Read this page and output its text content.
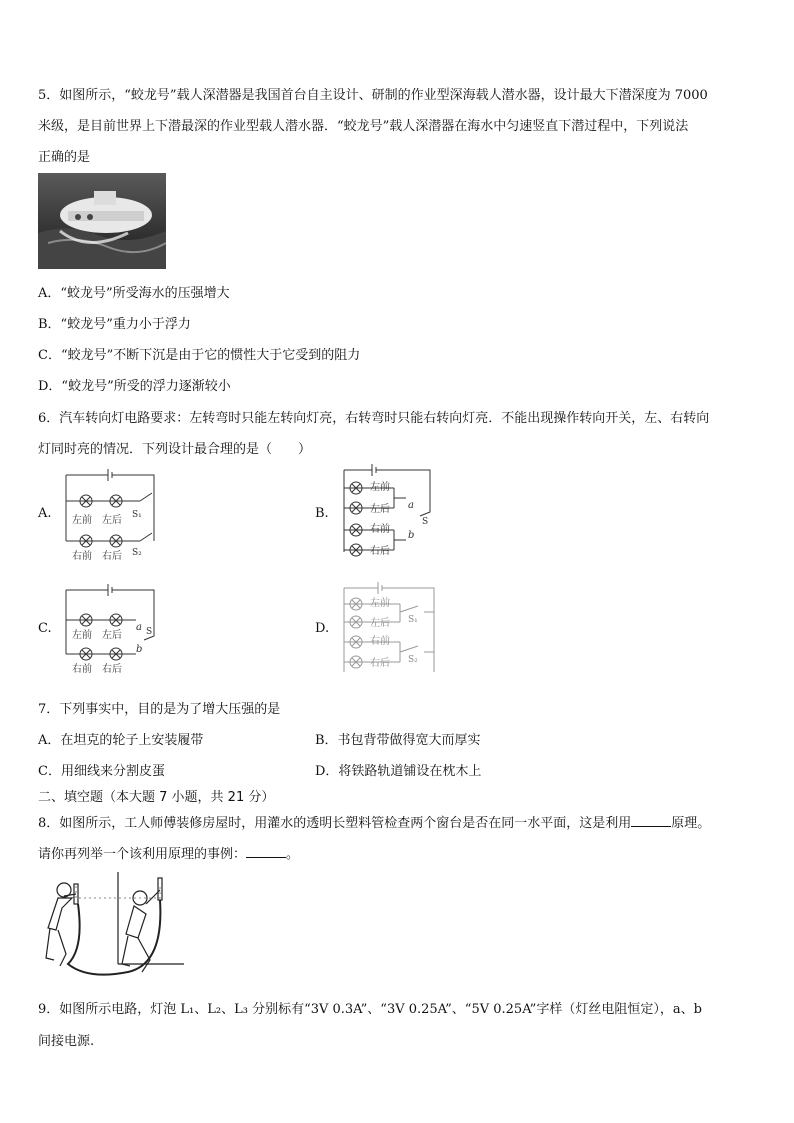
5．如图所示，“蛟龙号”载人深潜器是我国首台自主设计、研制的作业型深海载人潜水器，设计最大下潜深度为 7000
米级，是目前世界上下潜最深的作业型载人潜水器．“蛟龙号”载人深潜器在海水中匀速竖直下潜过程中，下列说法
正确的是
A．“蛟龙号”所受海水的压强增大
B．“蛟龙号”重力小于浮力
C．“蛟龙号”不断下沉是由于它的惯性大于它受到的阻力
D．“蛟龙号”所受的浮力逐渐较小
6．汽车转向灯电路要求：左转弯时只能左转向灯亮，右转弯时只能右转向灯亮．不能出现操作转向开关，左、右转向
灯同时亮的情况．下列设计最合理的是（　　）
A. 左前 左后
右前 右后
S₁
S₂
B.
左前
左后
右前
右后
a
b
S
C. 左前 左后
右前 右后
a
b
S	D.
左前
左后
右前
右后
S₁
S₂
7．下列事实中，目的是为了增大压强的是
A．在坦克的轮子上安装履带	B．书包背带做得宽大而厚实
C．用细线来分割皮蛋	D．将铁路轨道铺设在枕木上
二、填空题（本大题 7 小题，共 21 分）
8．如图所示，工人师傅装修房屋时，用灌水的透明长塑料管检查两个窗台是否在同一水平面，这是利用	原理。
请你再列举一个该利用原理的事例：	。
9．如图所示电路，灯泡 L₁、L₂、L₃ 分别标有“3V 0.3A”、“3V 0.25A”、“5V 0.25A”字样（灯丝电阻恒定），a、b
间接电源.
